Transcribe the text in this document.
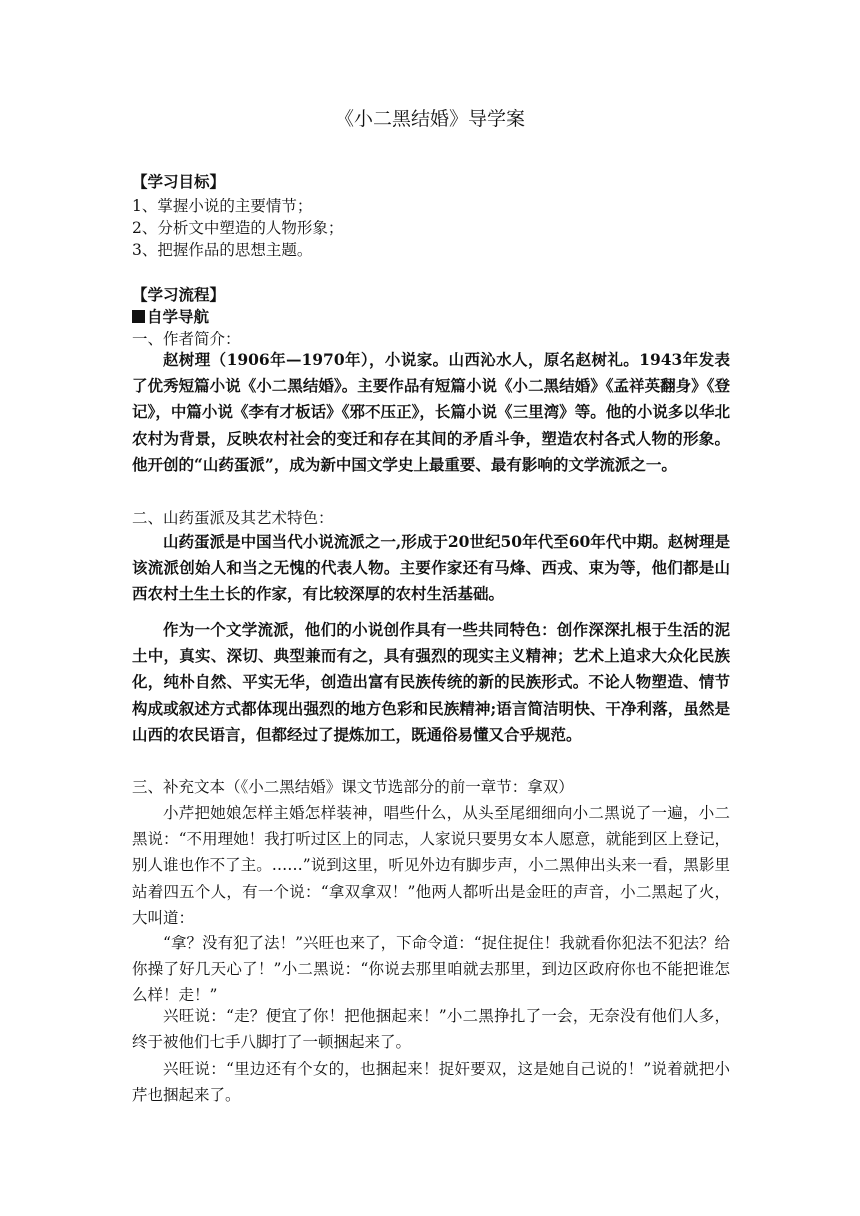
《小二黑结婚》导学案
【学习目标】
1、掌握小说的主要情节；
2、分析文中塑造的人物形象；
3、把握作品的思想主题。
【学习流程】
自学导航
一、作者简介：

赵树理（1906年—1970年），小说家。山西沁水人，原名赵树礼。1943年发表了优秀短篇小说《小二黑结婚》。主要作品有短篇小说《小二黑结婚》《孟祥英翻身》《登记》，中篇小说《李有才板话》《邪不压正》，长篇小说《三里湾》等。他的小说多以华北农村为背景，反映农村社会的变迁和存在其间的矛盾斗争，塑造农村各式人物的形象。他开创的“山药蛋派”，成为新中国文学史上最重要、最有影响的文学流派之一。

二、山药蛋派及其艺术特色：

山药蛋派是中国当代小说流派之一,形成于20世纪50年代至60年代中期。赵树理是该流派创始人和当之无愧的代表人物。主要作家还有马烽、西戎、束为等，他们都是山西农村土生土长的作家，有比较深厚的农村生活基础。

作为一个文学流派，他们的小说创作具有一些共同特色：创作深深扎根于生活的泥土中，真实、深切、典型兼而有之，具有强烈的现实主义精神；艺术上追求大众化民族化，纯朴自然、平实无华，创造出富有民族传统的新的民族形式。不论人物塑造、情节构成或叙述方式都体现出强烈的地方色彩和民族精神;语言简洁明快、干净利落，虽然是山西的农民语言，但都经过了提炼加工，既通俗易懂又合乎规范。

三、补充文本（《小二黑结婚》课文节选部分的前一章节：拿双）

小芹把她娘怎样主婚怎样装神，唱些什么，从头至尾细细向小二黑说了一遍，小二黑说：“不用理她！我打听过区上的同志，人家说只要男女本人愿意，就能到区上登记，别人谁也作不了主。……”说到这里，听见外边有脚步声，小二黑伸出头来一看，黑影里站着四五个人，有一个说：“拿双拿双！”他两人都听出是金旺的声音，小二黑起了火，大叫道：

“拿？没有犯了法！”兴旺也来了，下命令道：“捉住捉住！我就看你犯法不犯法？给你操了好几天心了！”小二黑说：“你说去那里咱就去那里，到边区政府你也不能把谁怎么样！走！”

兴旺说：“走？便宜了你！把他捆起来！”小二黑挣扎了一会，无奈没有他们人多，终于被他们七手八脚打了一顿捆起来了。

兴旺说：“里边还有个女的，也捆起来！捉奸要双，这是她自己说的！”说着就把小芹也捆起来了。
